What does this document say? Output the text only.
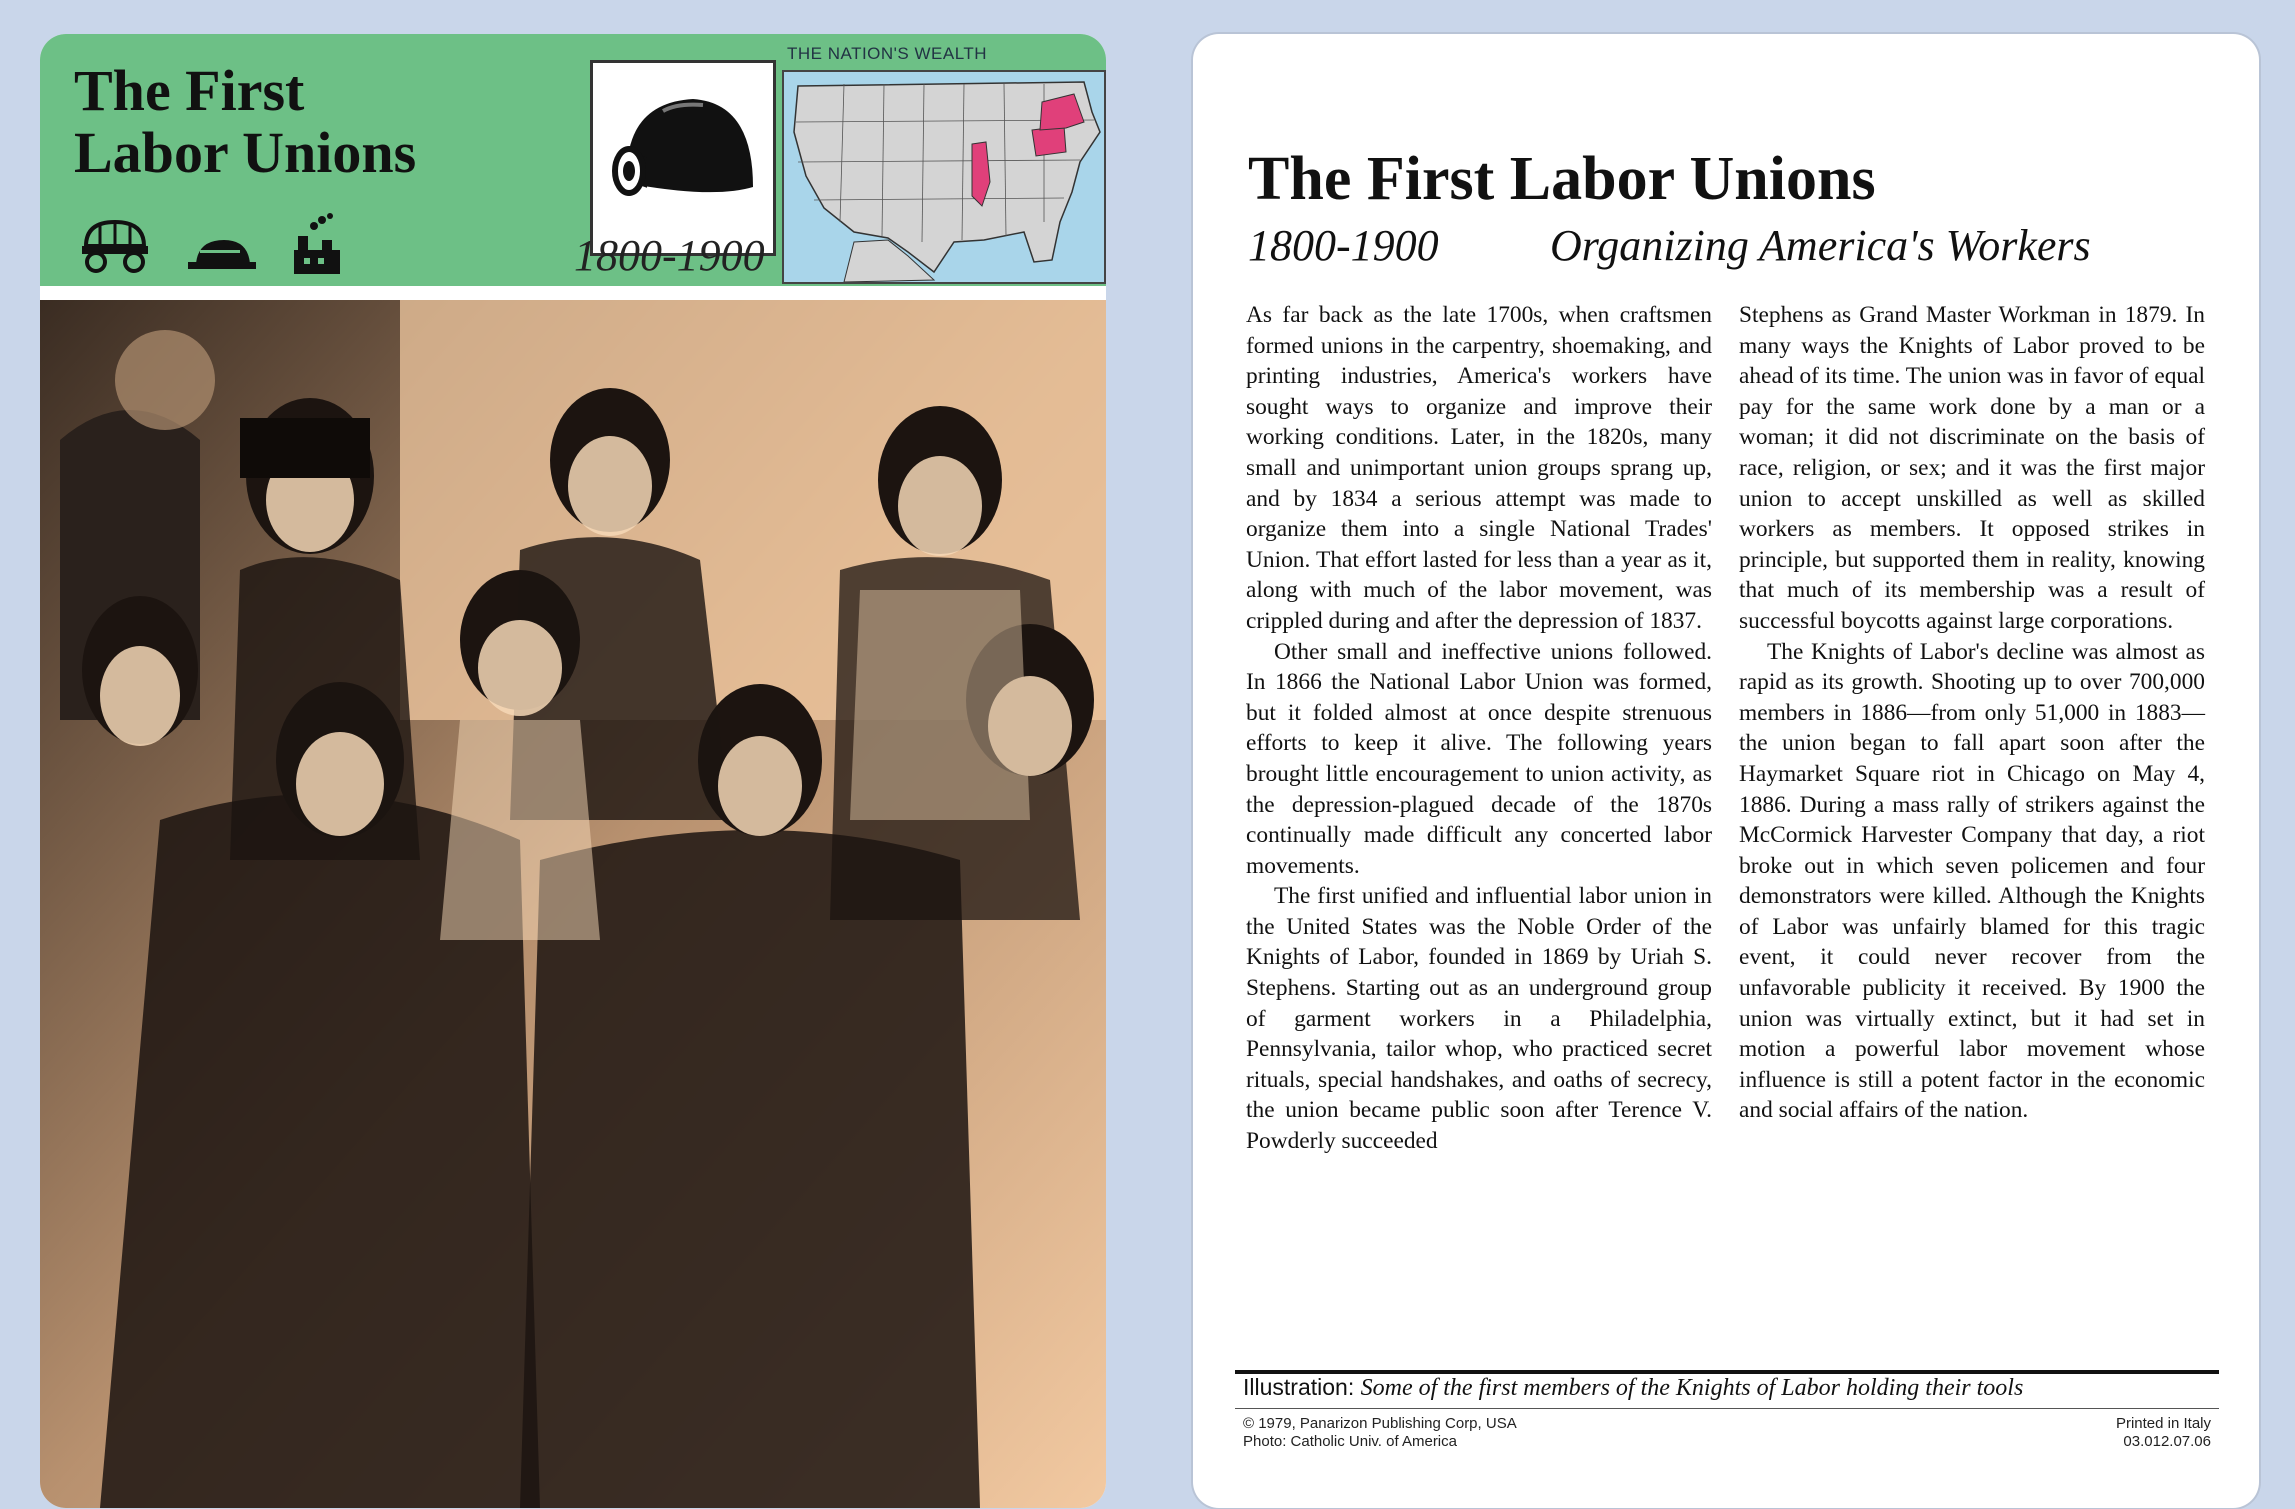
The First
Labor Unions
1800-1900
THE NATION'S WEALTH
The First Labor Unions
1800-1900	Organizing America's Workers

As far back as the late 1700s, when craftsmen formed unions in the carpentry, shoemaking, and printing industries, America's workers have sought ways to organize and improve their working conditions. Later, in the 1820s, many small and unimportant union groups sprang up, and by 1834 a serious attempt was made to organize them into a single National Trades' Union. That effort lasted for less than a year as it, along with much of the labor movement, was crippled during and after the depression of 1837.

Other small and ineffective unions followed. In 1866 the National Labor Union was formed, but it folded almost at once despite strenuous efforts to keep it alive. The following years brought little encouragement to union activity, as the depression-plagued decade of the 1870s continually made difficult any concerted labor movements.

The first unified and influential labor union in the United States was the Noble Order of the Knights of Labor, founded in 1869 by Uriah S. Stephens. Starting out as an underground group of garment workers in a Philadelphia, Pennsylvania, tailor whop, who practiced secret rituals, special handshakes, and oaths of secrecy, the union became public soon after Terence V. Powderly succeeded

Stephens as Grand Master Workman in 1879. In many ways the Knights of Labor proved to be ahead of its time. The union was in favor of equal pay for the same work done by a man or a woman; it did not discriminate on the basis of race, religion, or sex; and it was the first major union to accept unskilled as well as skilled workers as members. It opposed strikes in principle, but supported them in reality, knowing that much of its membership was a result of successful boycotts against large corporations.

The Knights of Labor's decline was almost as rapid as its growth. Shooting up to over 700,000 members in 1886—from only 51,000 in 1883—the union began to fall apart soon after the Haymarket Square riot in Chicago on May 4, 1886. During a mass rally of strikers against the McCormick Harvester Company that day, a riot broke out in which seven policemen and four demonstrators were killed. Although the Knights of Labor was unfairly blamed for this tragic event, it could never recover from the unfavorable publicity it received. By 1900 the union was virtually extinct, but it had set in motion a powerful labor movement whose influence is still a potent factor in the economic and social affairs of the nation.

Illustration: Some of the first members of the Knights of Labor holding their tools
© 1979, Panarizon Publishing Corp, USA
Photo: Catholic Univ. of America
Printed in Italy
03.012.07.06
